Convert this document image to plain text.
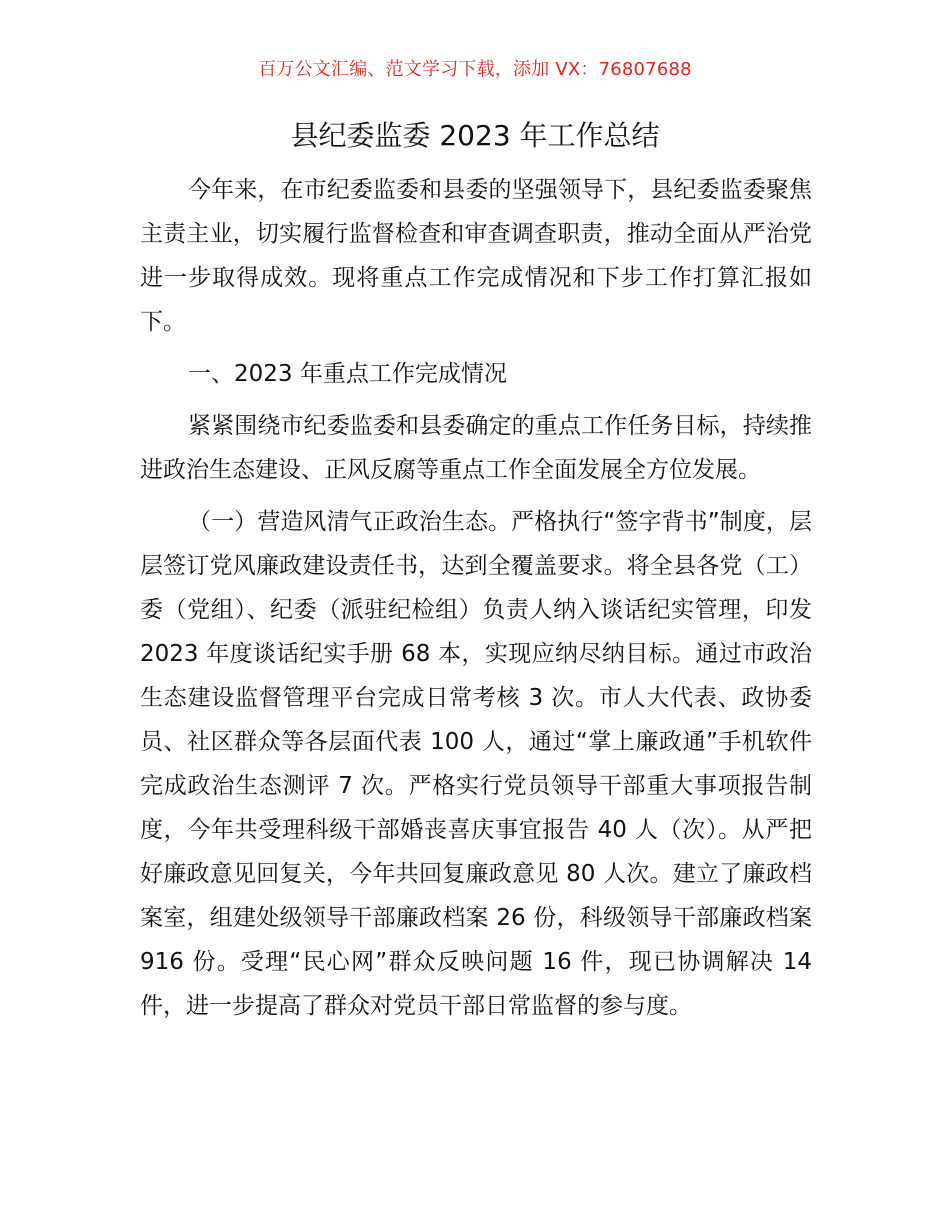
百万公文汇编、范文学习下载，添加 VX：76807688
县纪委监委 2023 年工作总结

今年来，在市纪委监委和县委的坚强领导下，县纪委监委聚焦主责主业，切实履行监督检查和审查调查职责，推动全面从严治党进一步取得成效。现将重点工作完成情况和下步工作打算汇报如下。

一、2023 年重点工作完成情况

紧紧围绕市纪委监委和县委确定的重点工作任务目标，持续推进政治生态建设、正风反腐等重点工作全面发展全方位发展。

（一）营造风清气正政治生态。严格执行“签字背书”制度，层层签订党风廉政建设责任书，达到全覆盖要求。将全县各党（工）委（党组）、纪委（派驻纪检组）负责人纳入谈话纪实管理，印发 2023 年度谈话纪实手册 68 本，实现应纳尽纳目标。通过市政治生态建设监督管理平台完成日常考核 3 次。市人大代表、政协委员、社区群众等各层面代表 100 人，通过“掌上廉政通”手机软件完成政治生态测评 7 次。严格实行党员领导干部重大事项报告制度，今年共受理科级干部婚丧喜庆事宜报告 40 人（次）。从严把好廉政意见回复关，今年共回复廉政意见 80 人次。建立了廉政档案室，组建处级领导干部廉政档案 26 份，科级领导干部廉政档案 916 份。受理“民心网”群众反映问题 16 件，现已协调解决 14 件，进一步提高了群众对党员干部日常监督的参与度。
